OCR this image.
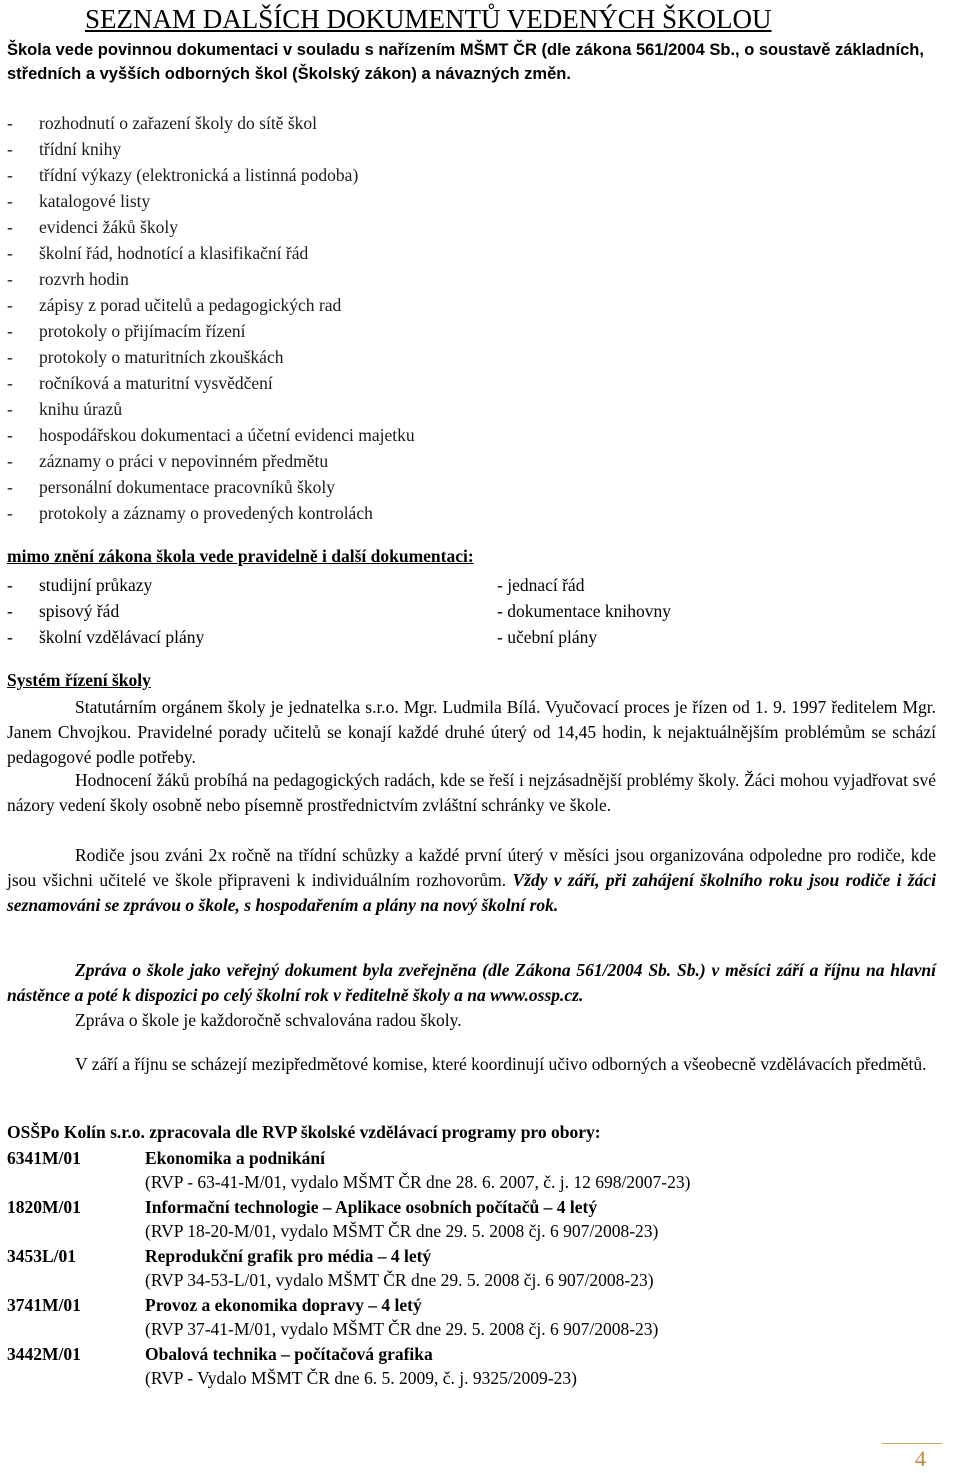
SEZNAM DALŠÍCH DOKUMENTŮ VEDENÝCH ŠKOLOU
Škola vede povinnou dokumentaci v souladu s nařízením MŠMT ČR (dle zákona 561/2004 Sb., o soustavě základních, středních a vyšších odborných škol (Školský zákon) a návazných změn.
- rozhodnutí o zařazení školy do sítě škol
- třídní knihy
- třídní výkazy (elektronická a listinná podoba)
- katalogové listy
- evidenci žáků školy
- školní řád, hodnotící a klasifikační řád
- rozvrh hodin
- zápisy z porad učitelů a pedagogických rad
- protokoly o přijímacím řízení
- protokoly o maturitních zkouškách
- ročníková a maturitní vysvědčení
- knihu úrazů
- hospodářskou dokumentaci a účetní evidenci majetku
- záznamy o práci v nepovinném předmětu
- personální dokumentace pracovníků školy
- protokoly a záznamy o provedených kontrolách
mimo znění zákona škola vede pravidelně i další dokumentaci:
- studijní průkazy	- jednací řád
- spisový řád	- dokumentace knihovny
- školní vzdělávací plány	- učební plány
Systém řízení školy
Statutárním orgánem školy je jednatelka s.r.o. Mgr. Ludmila Bílá. Vyučovací proces je řízen od 1. 9. 1997 ředitelem Mgr. Janem Chvojkou. Pravidelné porady učitelů se konají každé druhé úterý od 14,45 hodin, k nejaktuálnějším problémům se schází pedagogové podle potřeby.
Hodnocení žáků probíhá na pedagogických radách, kde se řeší i nejzásadnější problémy školy. Žáci mohou vyjadřovat své názory vedení školy osobně nebo písemně prostřednictvím zvláštní schránky ve škole.
Rodiče jsou zváni 2x ročně na třídní schůzky a každé první úterý v měsíci jsou organizována odpoledne pro rodiče, kde jsou všichni učitelé ve škole připraveni k individuálním rozhovorům. Vždy v září, při zahájení školního roku jsou rodiče i žáci seznamováni se zprávou o škole, s hospodařením a plány na nový školní rok.
Zpráva o škole jako veřejný dokument byla zveřejněna (dle Zákona 561/2004 Sb. Sb.) v měsíci září a říjnu na hlavní nástěnce a poté k dispozici po celý školní rok v ředitelně školy a na www.ossp.cz.
Zpráva o škole je každoročně schvalována radou školy.
V září a říjnu se scházejí mezipředmětové komise, které koordinují učivo odborných a všeobecně vzdělávacích předmětů.
OSŠPo Kolín s.r.o. zpracovala dle RVP školské vzdělávací programy pro obory:
6341M/01	Ekonomika a podnikání
(RVP - 63-41-M/01, vydalo MŠMT ČR dne 28. 6. 2007, č. j. 12 698/2007-23)
1820M/01	Informační technologie – Aplikace osobních počítačů – 4 letý
(RVP 18-20-M/01, vydalo MŠMT ČR dne 29. 5. 2008 čj. 6 907/2008-23)
3453L/01	Reprodukční grafik pro média – 4 letý
(RVP 34-53-L/01, vydalo MŠMT ČR dne 29. 5. 2008 čj. 6 907/2008-23)
3741M/01	Provoz a ekonomika dopravy – 4 letý
(RVP 37-41-M/01, vydalo MŠMT ČR dne 29. 5. 2008 čj. 6 907/2008-23)
3442M/01	Obalová technika – počítačová grafika
(RVP - Vydalo MŠMT ČR dne 6. 5. 2009, č. j. 9325/2009-23)
4
